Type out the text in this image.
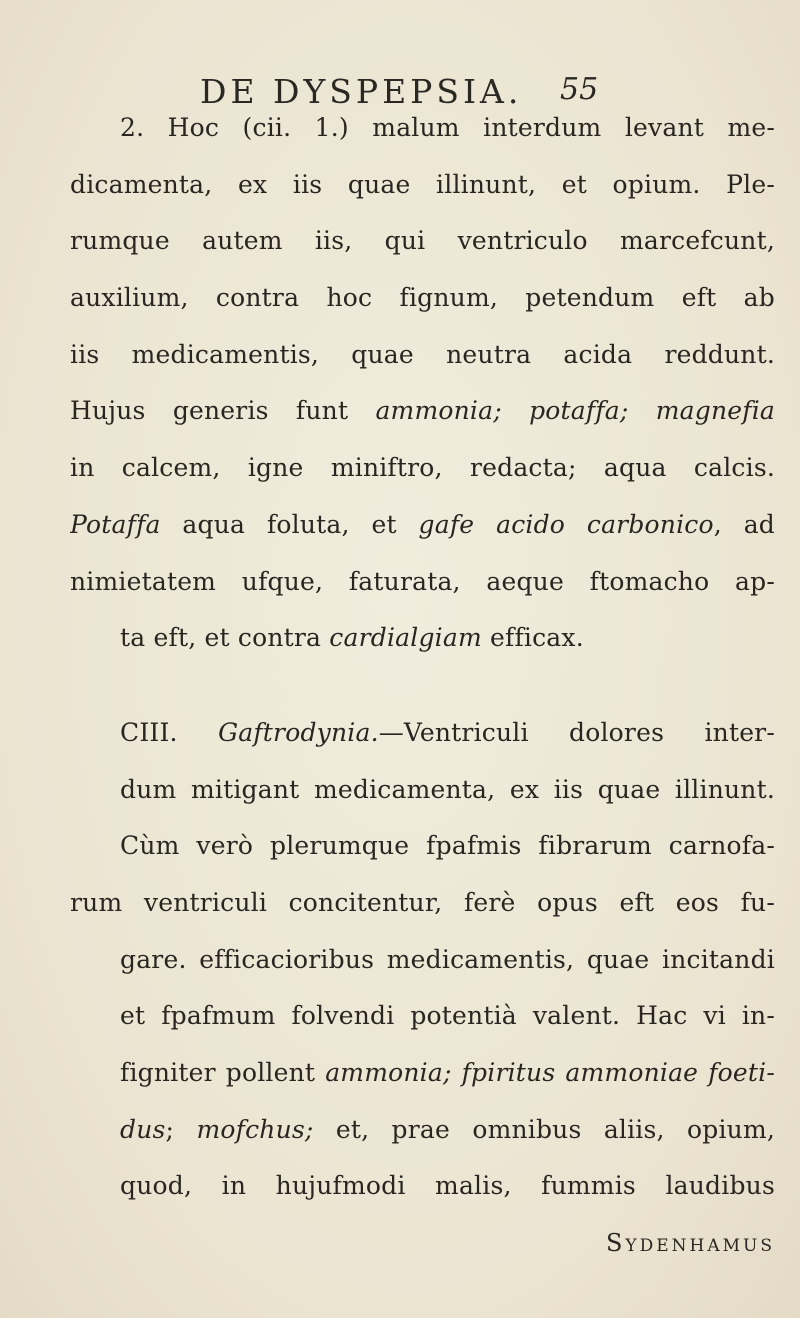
DE DYSPEPSIA. 55
2. Hoc (cii. 1.) malum interdum levant me-
dicamenta, ex iis quae illinunt, et opium. Ple-
rumque autem iis, qui ventriculo marcefcunt,
auxilium, contra hoc fignum, petendum eft ab
iis medicamentis, quae neutra acida reddunt.
Hujus generis funt ammonia; potaffa; magnefia
in calcem, igne miniftro, redacta; aqua calcis.
Potaffa aqua foluta, et gafe acido carbonico, ad
nimietatem ufque, faturata, aeque ftomacho ap-
ta eft, et contra cardialgiam efficax.
CIII. Gaftrodynia.—Ventriculi dolores inter-
dum mitigant medicamenta, ex iis quae illinunt.
Cùm verò plerumque fpafmis fibrarum carnofa-
rum ventriculi concitentur, ferè opus eft eos fu-
gare. efficacioribus medicamentis, quae incitandi
et fpafmum folvendi potentià valent. Hac vi in-
figniter pollent ammonia; fpiritus ammoniae foeti-
dus; mofchus; et, prae omnibus aliis, opium,
quod, in hujufmodi malis, fummis laudibus
Sydenhamus
